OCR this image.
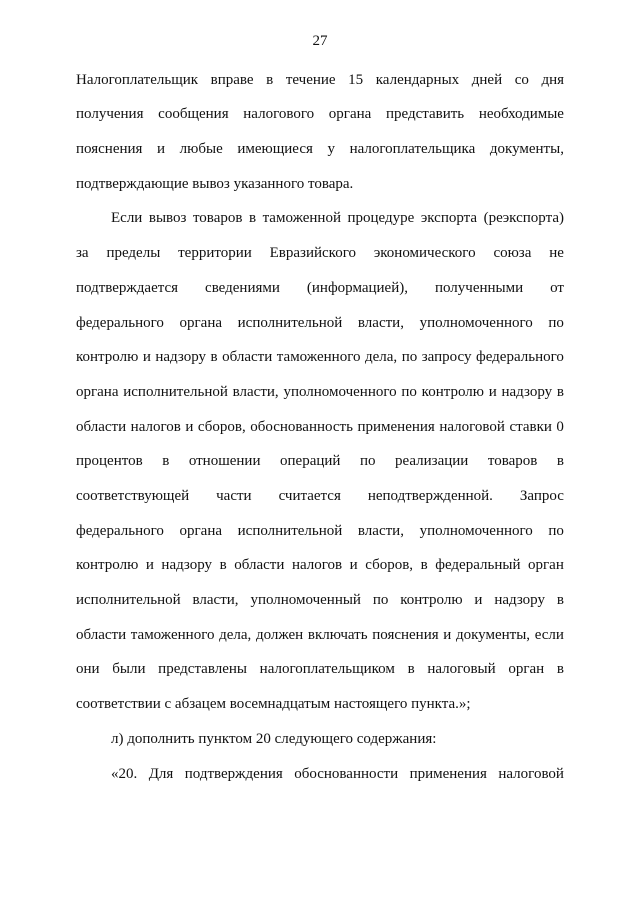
27
Налогоплательщик вправе в течение 15 календарных дней со дня
получения сообщения налогового органа представить необходимые
пояснения и любые имеющиеся у налогоплательщика документы,
подтверждающие вывоз указанного товара.
Если вывоз товаров в таможенной процедуре экспорта (реэкспорта)
за пределы территории Евразийского экономического союза не
подтверждается сведениями (информацией), полученными от
федерального органа исполнительной власти, уполномоченного по
контролю и надзору в области таможенного дела, по запросу федерального
органа исполнительной власти, уполномоченного по контролю и надзору в
области налогов и сборов, обоснованность применения налоговой ставки 0
процентов в отношении операций по реализации товаров в
соответствующей части считается неподтвержденной. Запрос
федерального органа исполнительной власти, уполномоченного по
контролю и надзору в области налогов и сборов, в федеральный орган
исполнительной власти, уполномоченный по контролю и надзору в
области таможенного дела, должен включать пояснения и документы, если
они были представлены налогоплательщиком в налоговый орган в
соответствии с абзацем восемнадцатым настоящего пункта.»;
л) дополнить пунктом 20 следующего содержания:
«20. Для подтверждения обоснованности применения налоговой
